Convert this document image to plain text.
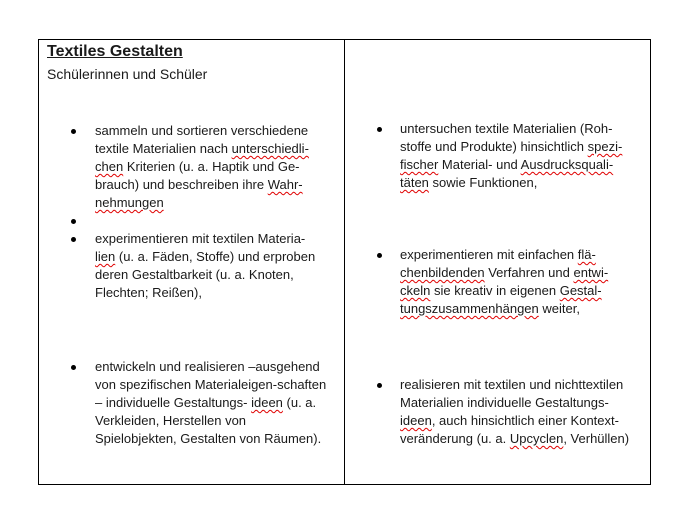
Textiles Gestalten
Schülerinnen und Schüler
sammeln und sortieren verschiedene
textile Materialien nach unterschiedli-
chen Kriterien (u. a. Haptik und Ge-
brauch) und beschreiben ihre Wahr-
nehmungen
experimentieren mit textilen Materia-
lien (u. a. Fäden, Stoffe) und erproben
deren Gestaltbarkeit (u. a. Knoten,
Flechten; Reißen),
entwickeln und realisieren –ausgehend
von spezifischen Materialeigen-schaften
– individuelle Gestaltungs- ideen (u. a.
Verkleiden, Herstellen von
Spielobjekten, Gestalten von Räumen).
untersuchen textile Materialien (Roh-
stoffe und Produkte) hinsichtlich spezi-
fischer Material- und Ausdrucksquali-
täten sowie Funktionen,
experimentieren mit einfachen flä-
chenbildenden Verfahren und entwi-
ckeln sie kreativ in eigenen Gestal-
tungszusammenhängen weiter,
realisieren mit textilen und nichttextilen
Materialien individuelle Gestaltungs-
ideen, auch hinsichtlich einer Kontext-
veränderung (u. a. Upcyclen, Verhüllen)
